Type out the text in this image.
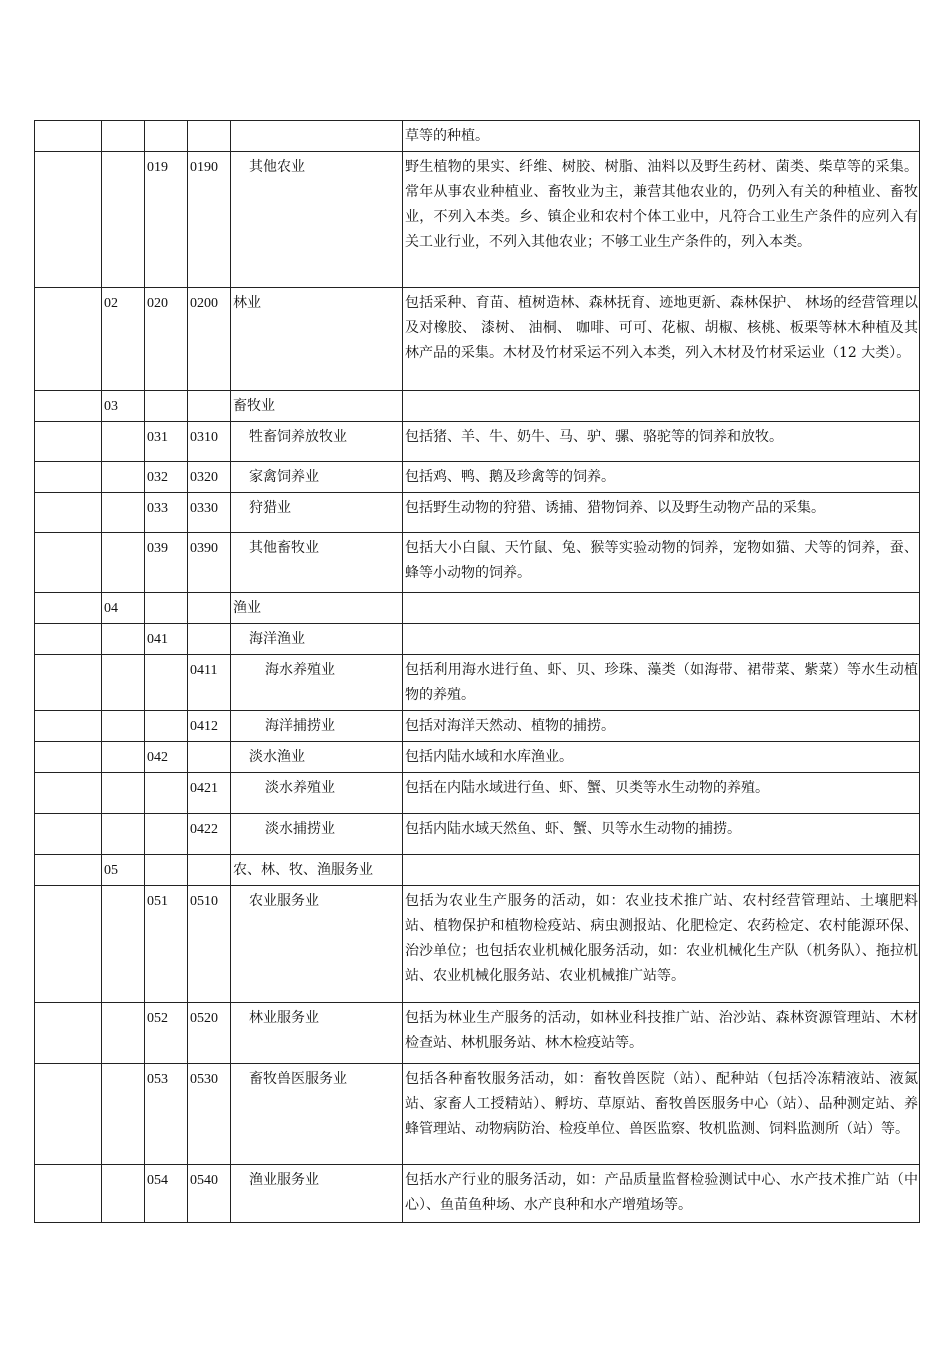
					草等的种植。
		019	0190	其他农业	野生植物的果实、纤维、树胶、树脂、油料以及野生药材、菌类、柴草等的采集。常年从事农业种植业、畜牧业为主，兼营其他农业的，仍列入有关的种植业、畜牧业，不列入本类。乡、镇企业和农村个体工业中，凡符合工业生产条件的应列入有关工业行业，不列入其他农业；不够工业生产条件的，列入本类。
	02	020	0200	林业	包括采种、育苗、植树造林、森林抚育、迹地更新、森林保护、 林场的经营管理以及对橡胶、 漆树、 油桐、 咖啡、可可、花椒、胡椒、核桃、板栗等林木种植及其林产品的采集。木材及竹材采运不列入本类，列入木材及竹材采运业（12 大类）。
	03			畜牧业	
		031	0310	牲畜饲养放牧业	包括猪、羊、牛、奶牛、马、驴、骡、骆驼等的饲养和放牧。
		032	0320	家禽饲养业	包括鸡、鸭、鹅及珍禽等的饲养。
		033	0330	狩猎业	包括野生动物的狩猎、诱捕、猎物饲养、以及野生动物产品的采集。
		039	0390	其他畜牧业	包括大小白鼠、天竹鼠、兔、猴等实验动物的饲养，宠物如猫、犬等的饲养，蚕、蜂等小动物的饲养。
	04			渔业	
		041		海洋渔业	
			0411	海水养殖业	包括利用海水进行鱼、虾、贝、珍珠、藻类（如海带、裙带菜、紫菜）等水生动植物的养殖。
			0412	海洋捕捞业	包括对海洋天然动、植物的捕捞。
		042		淡水渔业	包括内陆水域和水库渔业。
			0421	淡水养殖业	包括在内陆水域进行鱼、虾、蟹、贝类等水生动物的养殖。
			0422	淡水捕捞业	包括内陆水域天然鱼、虾、蟹、贝等水生动物的捕捞。
	05			农、林、牧、渔服务业	
		051	0510	农业服务业	包括为农业生产服务的活动，如：农业技术推广站、农村经营管理站、土壤肥料站、植物保护和植物检疫站、病虫测报站、化肥检定、农药检定、农村能源环保、治沙单位；也包括农业机械化服务活动，如：农业机械化生产队（机务队）、拖拉机站、农业机械化服务站、农业机械推广站等。
		052	0520	林业服务业	包括为林业生产服务的活动，如林业科技推广站、治沙站、森林资源管理站、木材检查站、林机服务站、林木检疫站等。
		053	0530	畜牧兽医服务业	包括各种畜牧服务活动，如：畜牧兽医院（站）、配种站（包括冷冻精液站、液氮站、家畜人工授精站）、孵坊、草原站、畜牧兽医服务中心（站）、品种测定站、养蜂管理站、动物病防治、检疫单位、兽医监察、牧机监测、饲料监测所（站）等。
		054	0540	渔业服务业	包括水产行业的服务活动，如：产品质量监督检验测试中心、水产技术推广站（中心）、鱼苗鱼种场、水产良种和水产增殖场等。
